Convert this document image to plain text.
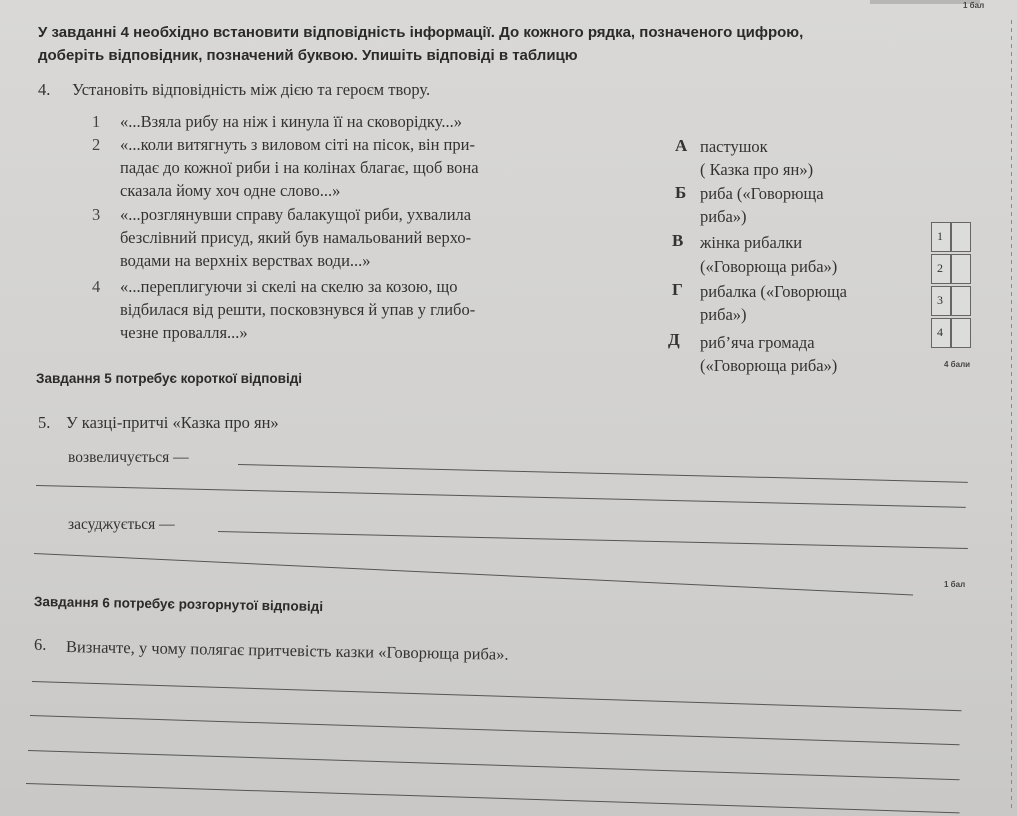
1 бал
У завданні 4 необхідно встановити відповідність інформації. До кожного рядка, позначеного цифрою,
доберіть відповідник, позначений буквою. Упишіть відповіді в таблицю
4. Установіть відповідність між дією та героєм твору.
1 «...Взяла рибу на ніж і кинула її на сковорідку...»
2 «...коли витягнуть з виловом сіті на пісок, він при-
падає до кожної риби і на колінах благає, щоб вона
сказала йому хоч одне слово...»
3 «...розглянувши справу балакущої риби, ухвалила
безслівний присуд, який був намальований верхо-
водами на верхніх верствах води...»
4 «...переплигуючи зі скелі на скелю за козою, що
відбилася від решти, посковзнувся й упав у глибо-
чезне провалля...»
А пастушок
( Казка про ян»)
Б риба («Говорюща
риба»)
В жінка рибалки
(«Говорюща риба»)
Г рибалка («Говорюща
риба»)
Д риб’яча громада
(«Говорюща риба»)
1
2
3
4
4 бали
Завдання 5 потребує короткої відповіді
5. У казці-притчі «Казка про ян»
возвеличується —
засуджується —
1 бал
Завдання 6 потребує розгорнутої відповіді
6. Визначте, у чому полягає притчевість казки «Говорюща риба».
